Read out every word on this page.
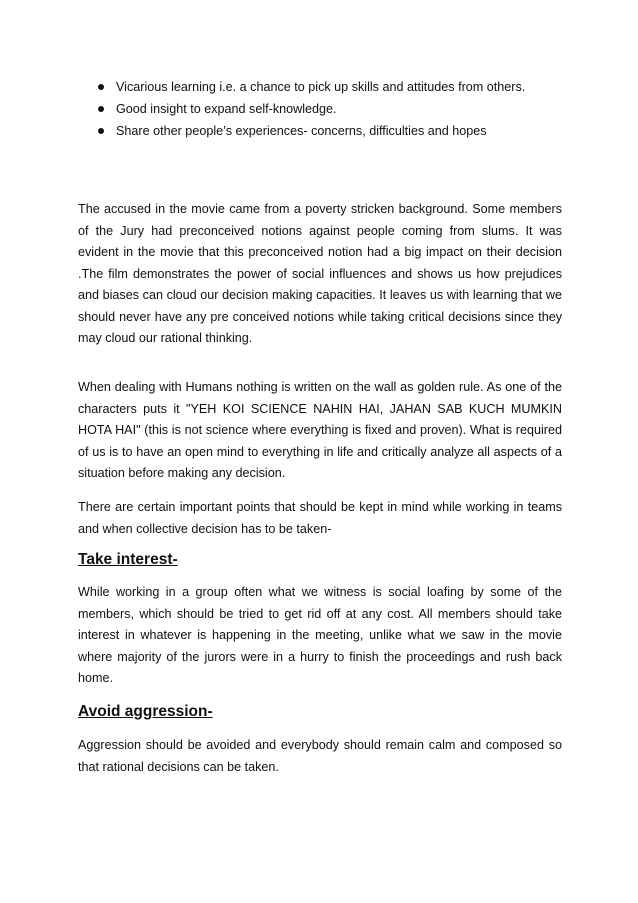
Vicarious learning i.e. a chance to pick up skills and attitudes from others.
Good insight to expand self-knowledge.
Share other people’s experiences- concerns, difficulties and hopes

The accused in the movie came from a poverty stricken background. Some members of the Jury had preconceived notions against people coming from slums. It was evident in the movie that this preconceived notion had a big impact on their decision .The film demonstrates the power of social influences and shows us how prejudices and biases can cloud our decision making capacities. It leaves us with learning that we should never have any pre conceived notions while taking critical decisions since they may cloud our rational thinking.

When dealing with Humans nothing is written on the wall as golden rule. As one of the characters puts it "YEH KOI SCIENCE NAHIN HAI, JAHAN SAB KUCH MUMKIN HOTA HAI" (this is not science where everything is fixed and proven). What is required of us is to have an open mind to everything in life and critically analyze all aspects of a situation before making any decision.

There are certain important points that should be kept in mind while working in teams and when collective decision has to be taken-

Take interest-

While working in a group often what we witness is social loafing by some of the members, which should be tried to get rid off at any cost. All members should take interest in whatever is happening in the meeting, unlike what we saw in the movie where majority of the jurors were in a hurry to finish the proceedings and rush back home.

Avoid aggression-

Aggression should be avoided and everybody should remain calm and composed so that rational decisions can be taken.
